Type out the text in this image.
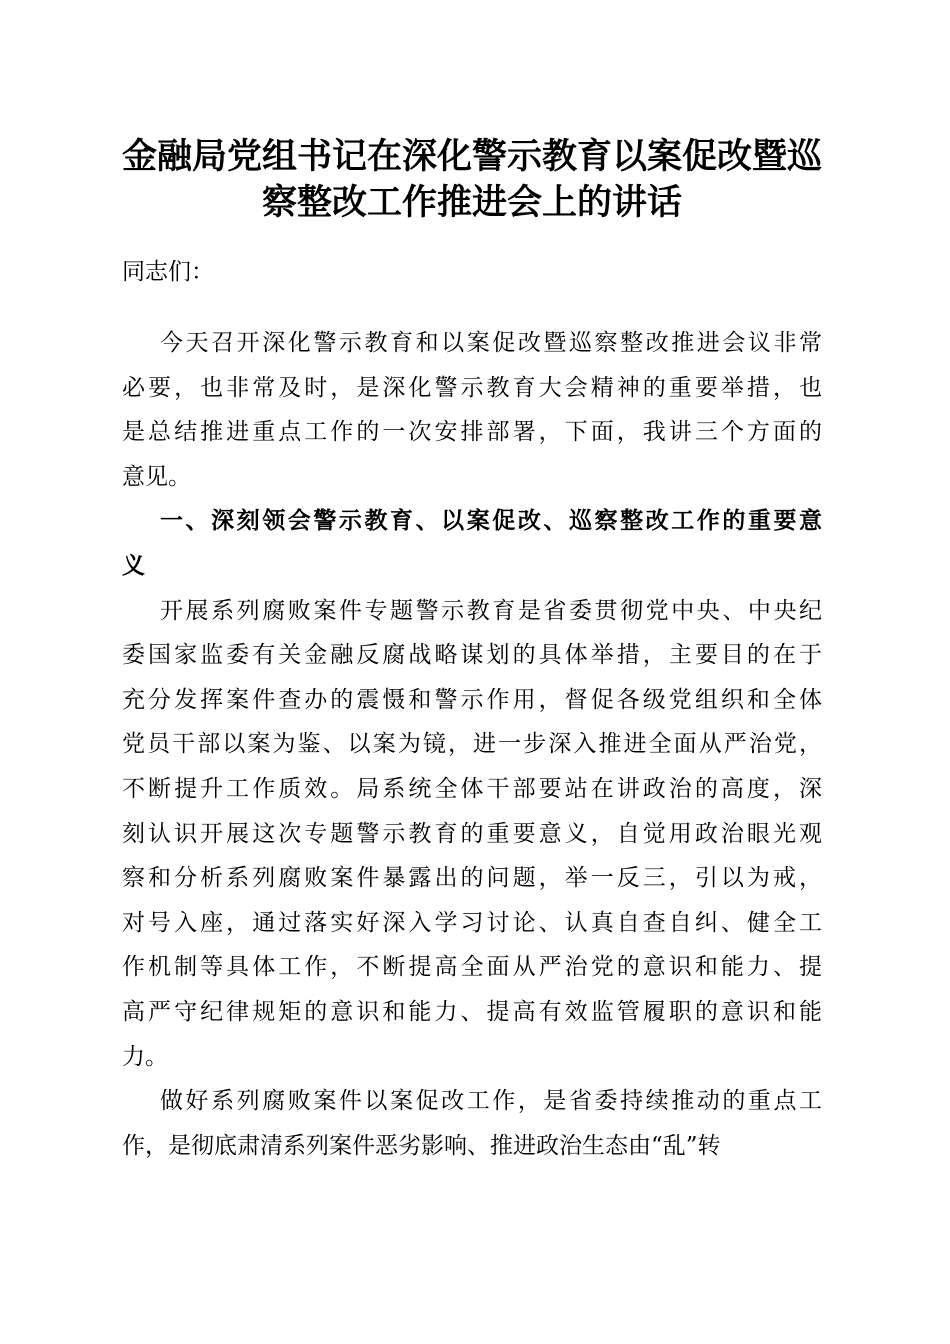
金融局党组书记在深化警示教育以案促改暨巡
察整改工作推进会上的讲话
同志们：
今天召开深化警示教育和以案促改暨巡察整改推进会议非常
必要，也非常及时，是深化警示教育大会精神的重要举措，也
是总结推进重点工作的一次安排部署，下面，我讲三个方面的
意见。
一、深刻领会警示教育、以案促改、巡察整改工作的重要意
义
开展系列腐败案件专题警示教育是省委贯彻党中央、中央纪
委国家监委有关金融反腐战略谋划的具体举措，主要目的在于
充分发挥案件查办的震慑和警示作用，督促各级党组织和全体
党员干部以案为鉴、以案为镜，进一步深入推进全面从严治党，
不断提升工作质效。局系统全体干部要站在讲政治的高度，深
刻认识开展这次专题警示教育的重要意义，自觉用政治眼光观
察和分析系列腐败案件暴露出的问题，举一反三，引以为戒，
对号入座，通过落实好深入学习讨论、认真自查自纠、健全工
作机制等具体工作，不断提高全面从严治党的意识和能力、提
高严守纪律规矩的意识和能力、提高有效监管履职的意识和能
力。
做好系列腐败案件以案促改工作，是省委持续推动的重点工
作，是彻底肃清系列案件恶劣影响、推进政治生态由“乱”转
